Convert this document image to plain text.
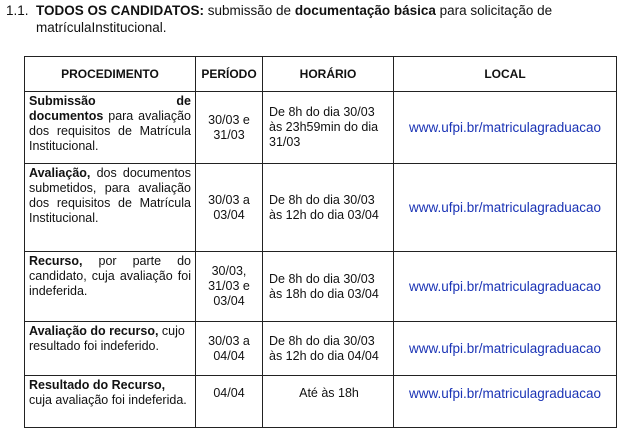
1.1. TODOS OS CANDIDATOS: submissão de documentação básica para solicitação de
matrículaInstitucional.
PROCEDIMENTO	PERÍODO	HORÁRIO	LOCAL

Submissão de documentos para avaliação dos requisitos de Matrícula Institucional.	30/03 e 31/03	De 8h do dia 30/03 às 23h59min do dia 31/03	www.ufpi.br/matriculagraduacao

Avaliação, dos documentos submetidos, para avaliação dos requisitos de Matrícula Institucional.	30/03 a 03/04	De 8h do dia 30/03 às 12h do dia 03/04	www.ufpi.br/matriculagraduacao

Recurso, por parte do candidato, cuja avaliação foi indeferida.	30/03, 31/03 e 03/04	De 8h do dia 30/03 às 18h do dia 03/04	www.ufpi.br/matriculagraduacao

Avaliação do recurso, cujo resultado foi indeferido.	30/03 a 04/04	De 8h do dia 30/03 às 12h do dia 04/04	www.ufpi.br/matriculagraduacao

Resultado do Recurso, cuja avaliação foi indeferida.	04/04	Até às 18h	www.ufpi.br/matriculagraduacao
